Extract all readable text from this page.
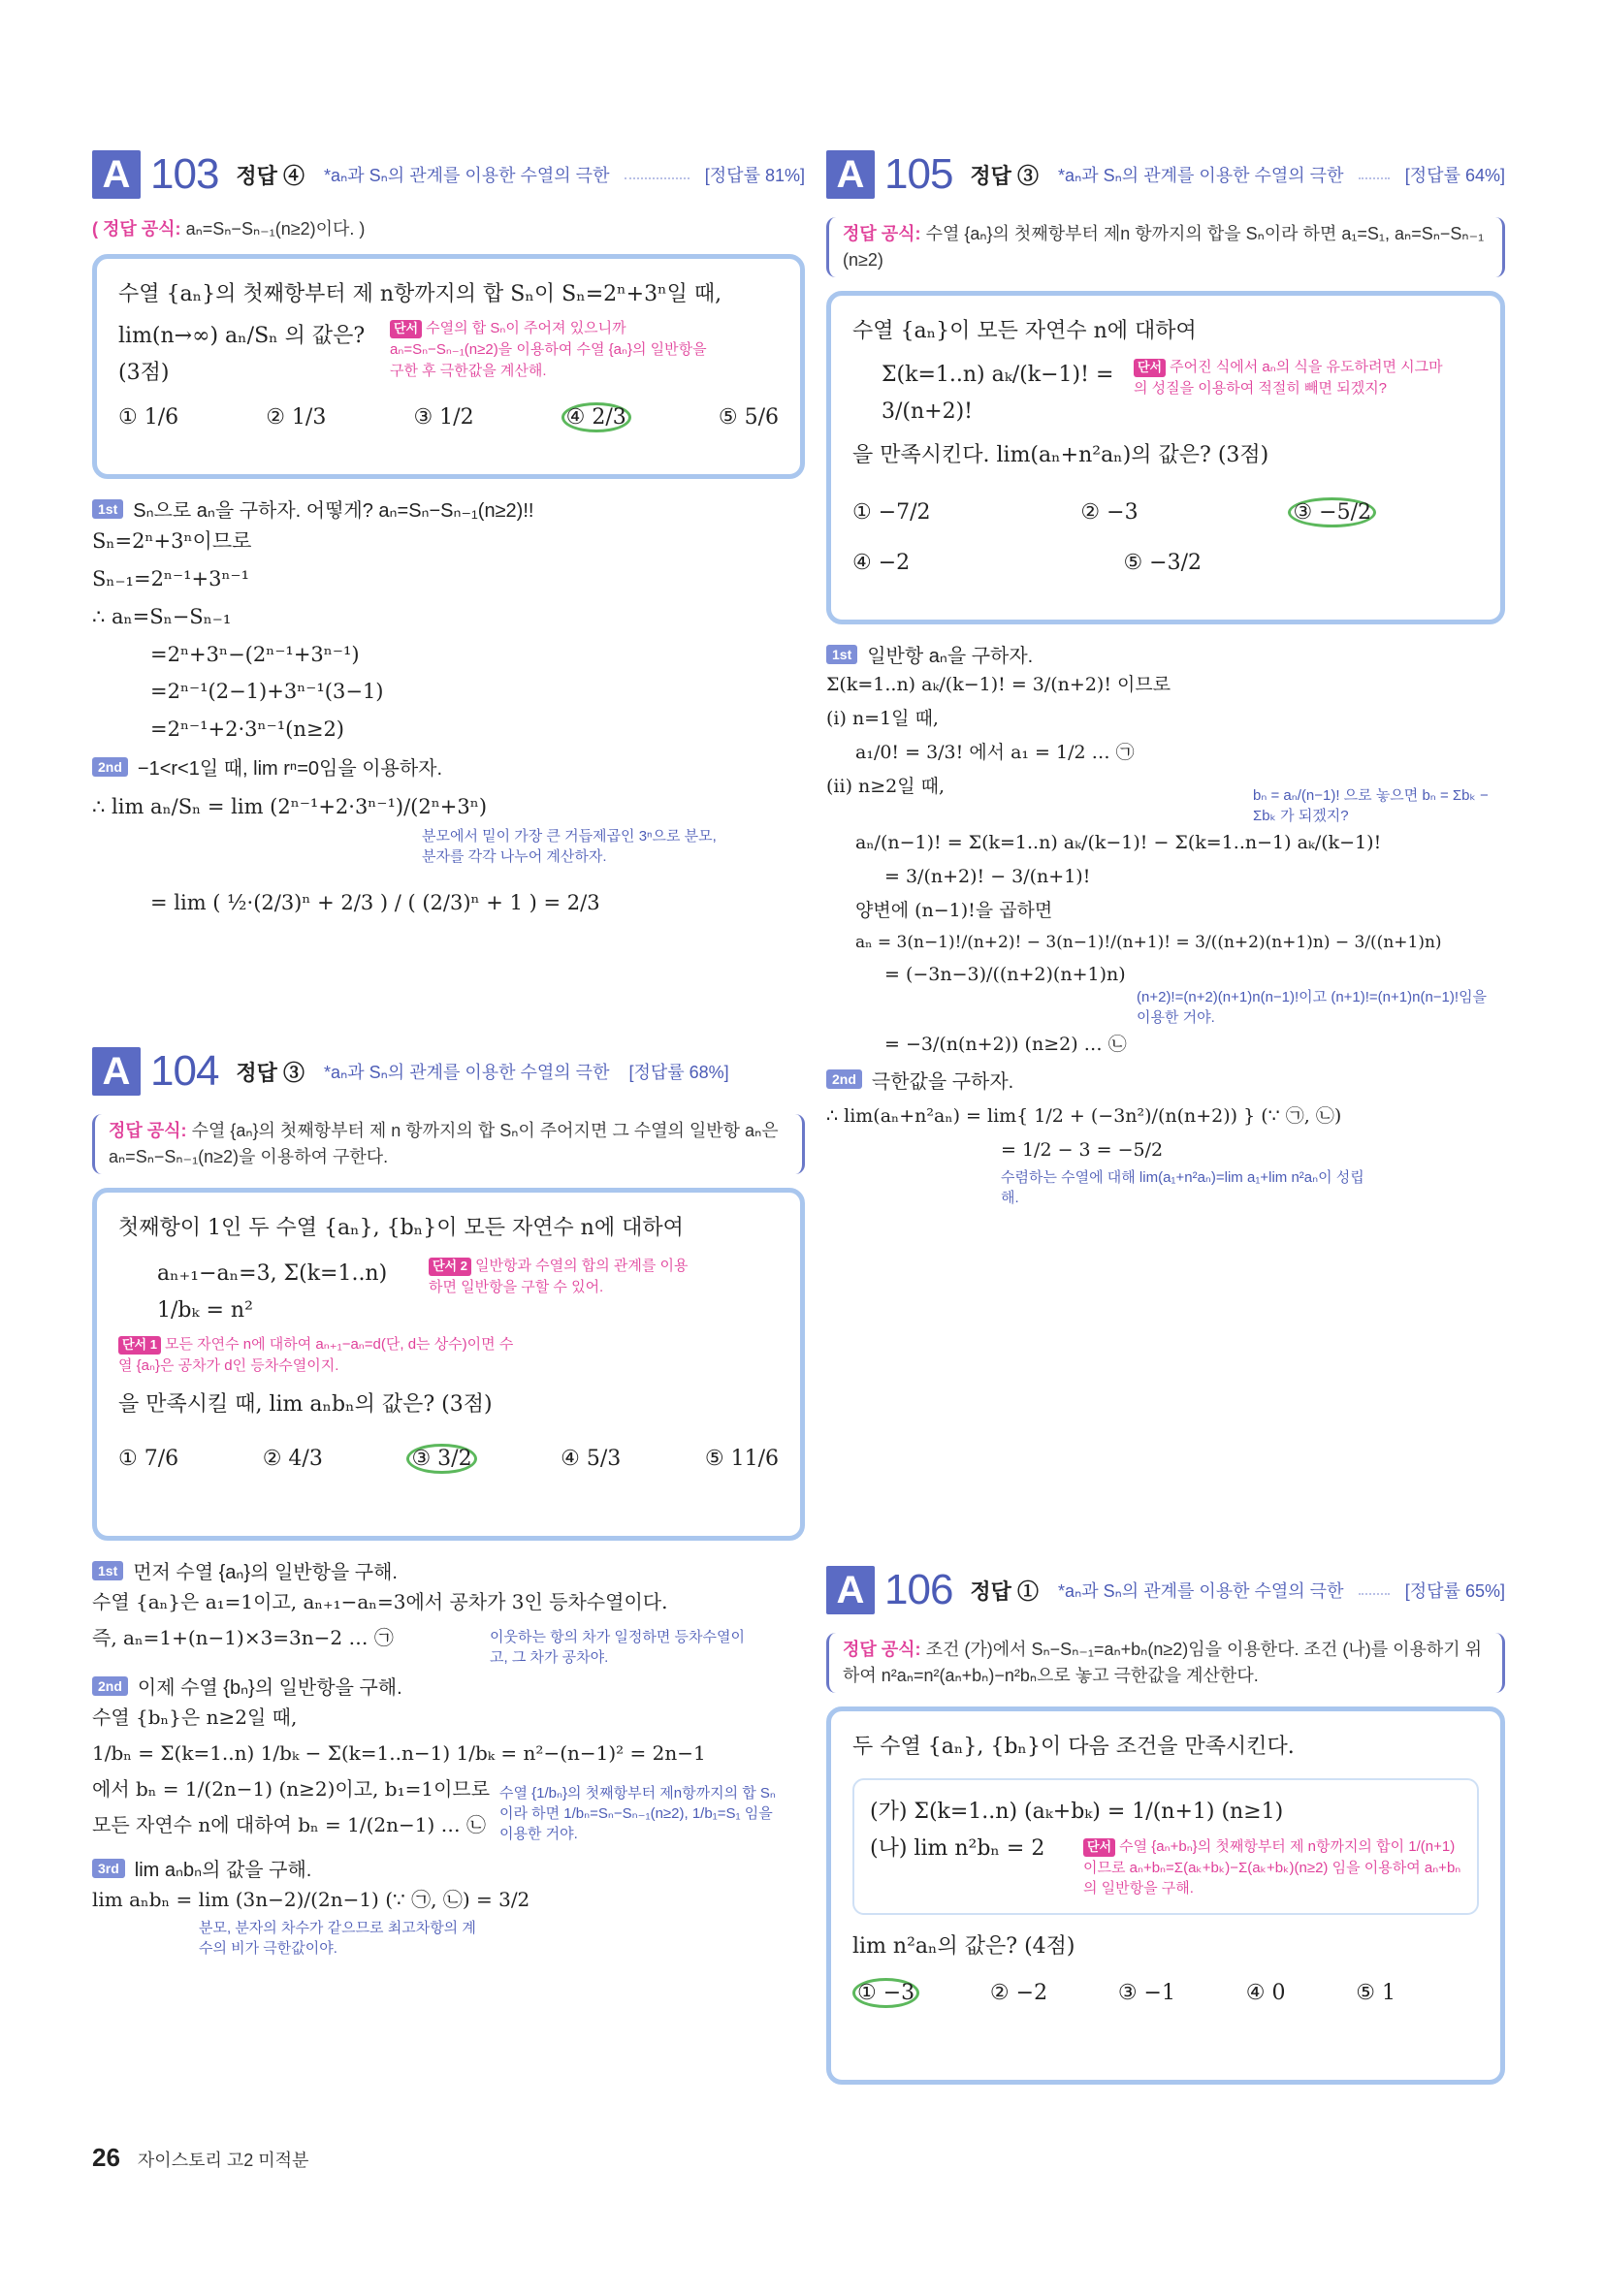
A 103 정답 ④ *aₙ과 Sₙ의 관계를 이용한 수열의 극한	[정답률 81%]
( 정답 공식: aₙ=Sₙ−Sₙ₋₁(n≥2)이다. )
수열 {aₙ}의 첫째항부터 제 n항까지의 합 Sₙ이 Sₙ=2ⁿ+3ⁿ일 때,
lim(n→∞) aₙ/Sₙ 의 값은? (3점)
단서 수열의 합 Sₙ이 주어져 있으니까 aₙ=Sₙ−Sₙ₋₁(n≥2)을 이용하여 수열 {aₙ}의 일반항을 구한 후 극한값을 계산해.
① 1/6	② 1/3	③ 1/2	④ 2/3	⑤ 5/6
1st Sₙ으로 aₙ을 구하자. 어떻게? aₙ=Sₙ−Sₙ₋₁(n≥2)!!
Sₙ=2ⁿ+3ⁿ이므로
Sₙ₋₁=2ⁿ⁻¹+3ⁿ⁻¹
∴ aₙ=Sₙ−Sₙ₋₁
=2ⁿ+3ⁿ−(2ⁿ⁻¹+3ⁿ⁻¹)
=2ⁿ⁻¹(2−1)+3ⁿ⁻¹(3−1)
=2ⁿ⁻¹+2·3ⁿ⁻¹(n≥2)
2nd −1<r<1일 때, lim rⁿ=0임을 이용하자.
∴ lim aₙ/Sₙ = lim (2ⁿ⁻¹+2·3ⁿ⁻¹)/(2ⁿ+3ⁿ)
분모에서 밑이 가장 큰 거듭제곱인 3ⁿ으로 분모, 분자를 각각 나누어 계산하자.
= lim ( ½·(2/3)ⁿ + 2/3 ) / ( (2/3)ⁿ + 1 ) = 2/3
A 104 정답 ③ *aₙ과 Sₙ의 관계를 이용한 수열의 극한 [정답률 68%]
정답 공식: 수열 {aₙ}의 첫째항부터 제 n 항까지의 합 Sₙ이 주어지면 그 수열의 일반항 aₙ은 aₙ=Sₙ−Sₙ₋₁(n≥2)을 이용하여 구한다.
첫째항이 1인 두 수열 {aₙ}, {bₙ}이 모든 자연수 n에 대하여
aₙ₊₁−aₙ=3, Σ(k=1..n) 1/bₖ = n²
단서 2 일반항과 수열의 합의 관계를 이용하면 일반항을 구할 수 있어.
단서 1 모든 자연수 n에 대하여 aₙ₊₁−aₙ=d(단, d는 상수)이면 수열 {aₙ}은 공차가 d인 등차수열이지.
을 만족시킬 때, lim aₙbₙ의 값은? (3점)
① 7/6	② 4/3	③ 3/2	④ 5/3	⑤ 11/6
1st 먼저 수열 {aₙ}의 일반항을 구해.
수열 {aₙ}은 a₁=1이고, aₙ₊₁−aₙ=3에서 공차가 3인 등차수열이다.
즉, aₙ=1+(n−1)×3=3n−2 … ㉠	이웃하는 항의 차가 일정하면 등차수열이고, 그 차가 공차야.
2nd 이제 수열 {bₙ}의 일반항을 구해.
수열 {bₙ}은 n≥2일 때,
1/bₙ = Σ(k=1..n) 1/bₖ − Σ(k=1..n−1) 1/bₖ = n²−(n−1)² = 2n−1
에서 bₙ = 1/(2n−1) (n≥2)이고, b₁=1이므로
모든 자연수 n에 대하여 bₙ = 1/(2n−1) … ㉡
수열 {1/bₙ}의 첫째항부터 제n항까지의 합 Sₙ이라 하면 1/bₙ=Sₙ−Sₙ₋₁(n≥2), 1/b₁=S₁ 임을 이용한 거야.
3rd lim aₙbₙ의 값을 구해.
lim aₙbₙ = lim (3n−2)/(2n−1) (∵ ㉠, ㉡) = 3/2
분모, 분자의 차수가 같으므로 최고차항의 계수의 비가 극한값이야.
A 105 정답 ③ *aₙ과 Sₙ의 관계를 이용한 수열의 극한	[정답률 64%]
정답 공식: 수열 {aₙ}의 첫째항부터 제n 항까지의 합을 Sₙ이라 하면 a₁=S₁, aₙ=Sₙ−Sₙ₋₁ (n≥2)
수열 {aₙ}이 모든 자연수 n에 대하여
Σ(k=1..n) aₖ/(k−1)! = 3/(n+2)!
단서 주어진 식에서 aₙ의 식을 유도하려면 시그마의 성질을 이용하여 적절히 빼면 되겠지?
을 만족시킨다. lim(aₙ+n²aₙ)의 값은? (3점)
① −7/2	② −3	③ −5/2
④ −2	⑤ −3/2
1st 일반항 aₙ을 구하자.
Σ(k=1..n) aₖ/(k−1)! = 3/(n+2)! 이므로
(i) n=1일 때,
a₁/0! = 3/3! 에서 a₁ = 1/2 … ㉠
(ii) n≥2일 때,	bₙ = aₙ/(n−1)! 으로 놓으면 bₙ = Σbₖ − Σbₖ 가 되겠지?
aₙ/(n−1)! = Σ(k=1..n) aₖ/(k−1)! − Σ(k=1..n−1) aₖ/(k−1)!
= 3/(n+2)! − 3/(n+1)!
양변에 (n−1)!을 곱하면
aₙ = 3(n−1)!/(n+2)! − 3(n−1)!/(n+1)! = 3/((n+2)(n+1)n) − 3/((n+1)n)
= (−3n−3)/((n+2)(n+1)n)
(n+2)!=(n+2)(n+1)n(n−1)!이고 (n+1)!=(n+1)n(n−1)!임을 이용한 거야.
= −3/(n(n+2)) (n≥2) … ㉡
2nd 극한값을 구하자.
∴ lim(aₙ+n²aₙ) = lim{ 1/2 + (−3n²)/(n(n+2)) } (∵ ㉠, ㉡)
= 1/2 − 3 = −5/2
수렴하는 수열에 대해 lim(a₁+n²aₙ)=lim a₁+lim n²aₙ이 성립해.
A 106 정답 ① *aₙ과 Sₙ의 관계를 이용한 수열의 극한	[정답률 65%]
정답 공식: 조건 (가)에서 Sₙ−Sₙ₋₁=aₙ+bₙ(n≥2)임을 이용한다. 조건 (나)를 이용하기 위하여 n²aₙ=n²(aₙ+bₙ)−n²bₙ으로 놓고 극한값을 계산한다.
두 수열 {aₙ}, {bₙ}이 다음 조건을 만족시킨다.
(가) Σ(k=1..n) (aₖ+bₖ) = 1/(n+1) (n≥1)
(나) lim n²bₙ = 2	단서 수열 {aₙ+bₙ}의 첫째항부터 제 n항까지의 합이 1/(n+1) 이므로 aₙ+bₙ=Σ(aₖ+bₖ)−Σ(aₖ+bₖ)(n≥2) 임을 이용하여 aₙ+bₙ의 일반항을 구해.
lim n²aₙ의 값은? (4점)
① −3	② −2	③ −1	④ 0	⑤ 1
26 자이스토리 고2 미적분
